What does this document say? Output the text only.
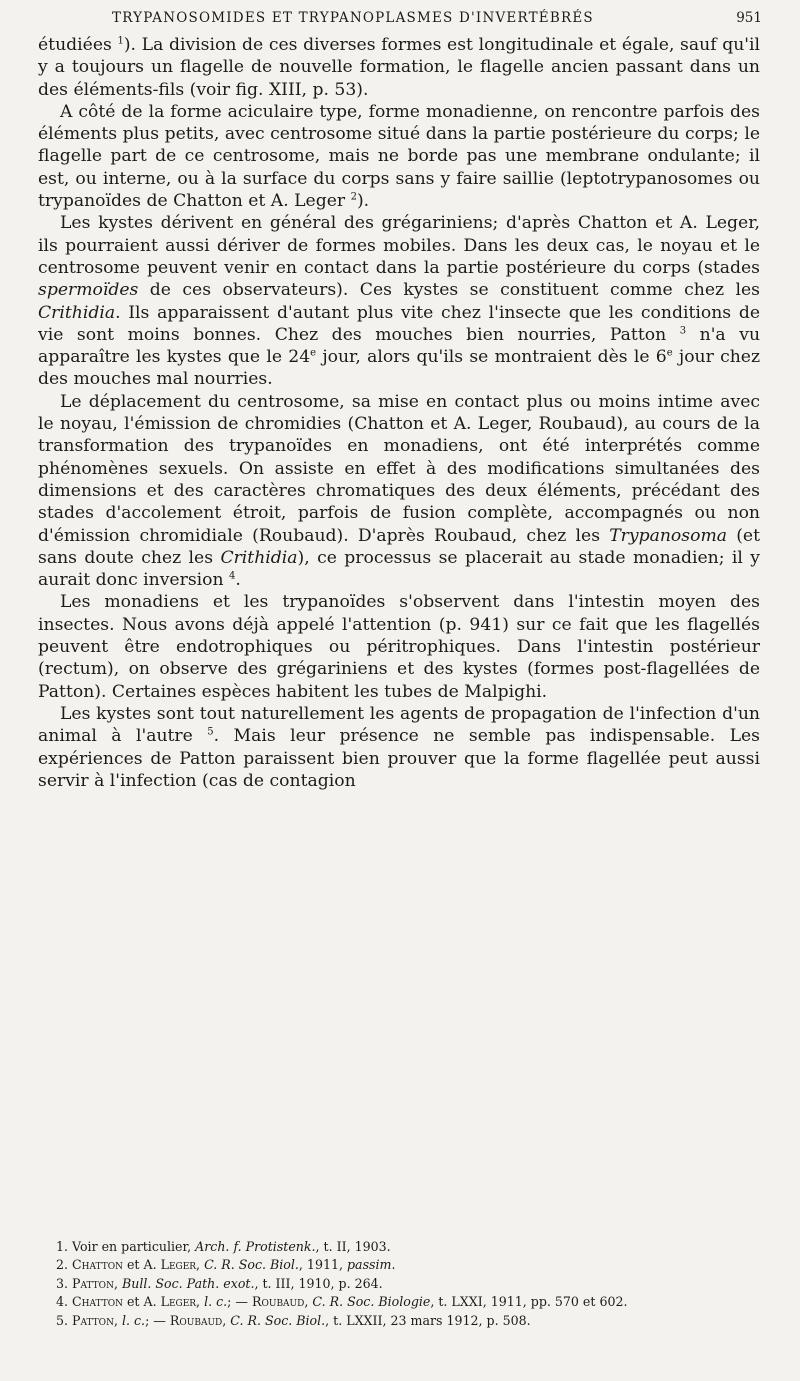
TRYPANOSOMIDES ET TRYPANOPLASMES D'INVERTÉBRÉS	951

étudiées $^1$). La division de ces diverses formes est longitudinale et égale, sauf qu'il y a toujours un flagelle de nouvelle formation, le flagelle ancien passant dans un des éléments-fils (voir fig. XIII, p. 53).

A côté de la forme aciculaire type, forme monadienne, on rencontre parfois des éléments plus petits, avec centrosome situé dans la partie postérieure du corps; le flagelle part de ce centrosome, mais ne borde pas une membrane ondulante; il est, ou interne, ou à la surface du corps sans y faire saillie (leptotrypanosomes ou trypanoïdes de Chatton et A. Leger $^2$).

Les kystes dérivent en général des grégariniens; d'après Chatton et A. Leger, ils pourraient aussi dériver de formes mobiles. Dans les deux cas, le noyau et le centrosome peuvent venir en contact dans la partie postérieure du corps (stades spermoïdes de ces observateurs). Ces kystes se constituent comme chez les Crithidia. Ils apparaissent d'autant plus vite chez l'insecte que les conditions de vie sont moins bonnes. Chez des mouches bien nourries, Patton $^3$ n'a vu apparaître les kystes que le 24e jour, alors qu'ils se montraient dès le 6e jour chez des mouches mal nourries.

Le déplacement du centrosome, sa mise en contact plus ou moins intime avec le noyau, l'émission de chromidies (Chatton et A. Leger, Roubaud), au cours de la transformation des trypanoïdes en monadiens, ont été interprétés comme phénomènes sexuels. On assiste en effet à des modifications simultanées des dimensions et des caractères chromatiques des deux éléments, précédant des stades d'accolement étroit, parfois de fusion complète, accompagnés ou non d'émission chromidiale (Roubaud). D'après Roubaud, chez les Trypanosoma (et sans doute chez les Crithidia), ce processus se placerait au stade monadien; il y aurait donc inversion $^4$.

Les monadiens et les trypanoïdes s'observent dans l'intestin moyen des insectes. Nous avons déjà appelé l'attention (p. 941) sur ce fait que les flagellés peuvent être endotrophiques ou péritrophiques. Dans l'intestin postérieur (rectum), on observe des grégariniens et des kystes (formes post-flagellées de Patton). Certaines espèces habitent les tubes de Malpighi.

Les kystes sont tout naturellement les agents de propagation de l'infection d'un animal à l'autre $^5$. Mais leur présence ne semble pas indispensable. Les expériences de Patton paraissent bien prouver que la forme flagellée peut aussi servir à l'infection (cas de contagion

1. Voir en particulier, Arch. f. Protistenk., t. II, 1903.

2. Chatton et A. Leger, C. R. Soc. Biol., 1911, passim.

3. Patton, Bull. Soc. Path. exot., t. III, 1910, p. 264.

4. Chatton et A. Leger, l. c.; — Roubaud, C. R. Soc. Biologie, t. LXXI, 1911, pp. 570 et 602.

5. Patton, l. c.; — Roubaud, C. R. Soc. Biol., t. LXXII, 23 mars 1912, p. 508.
